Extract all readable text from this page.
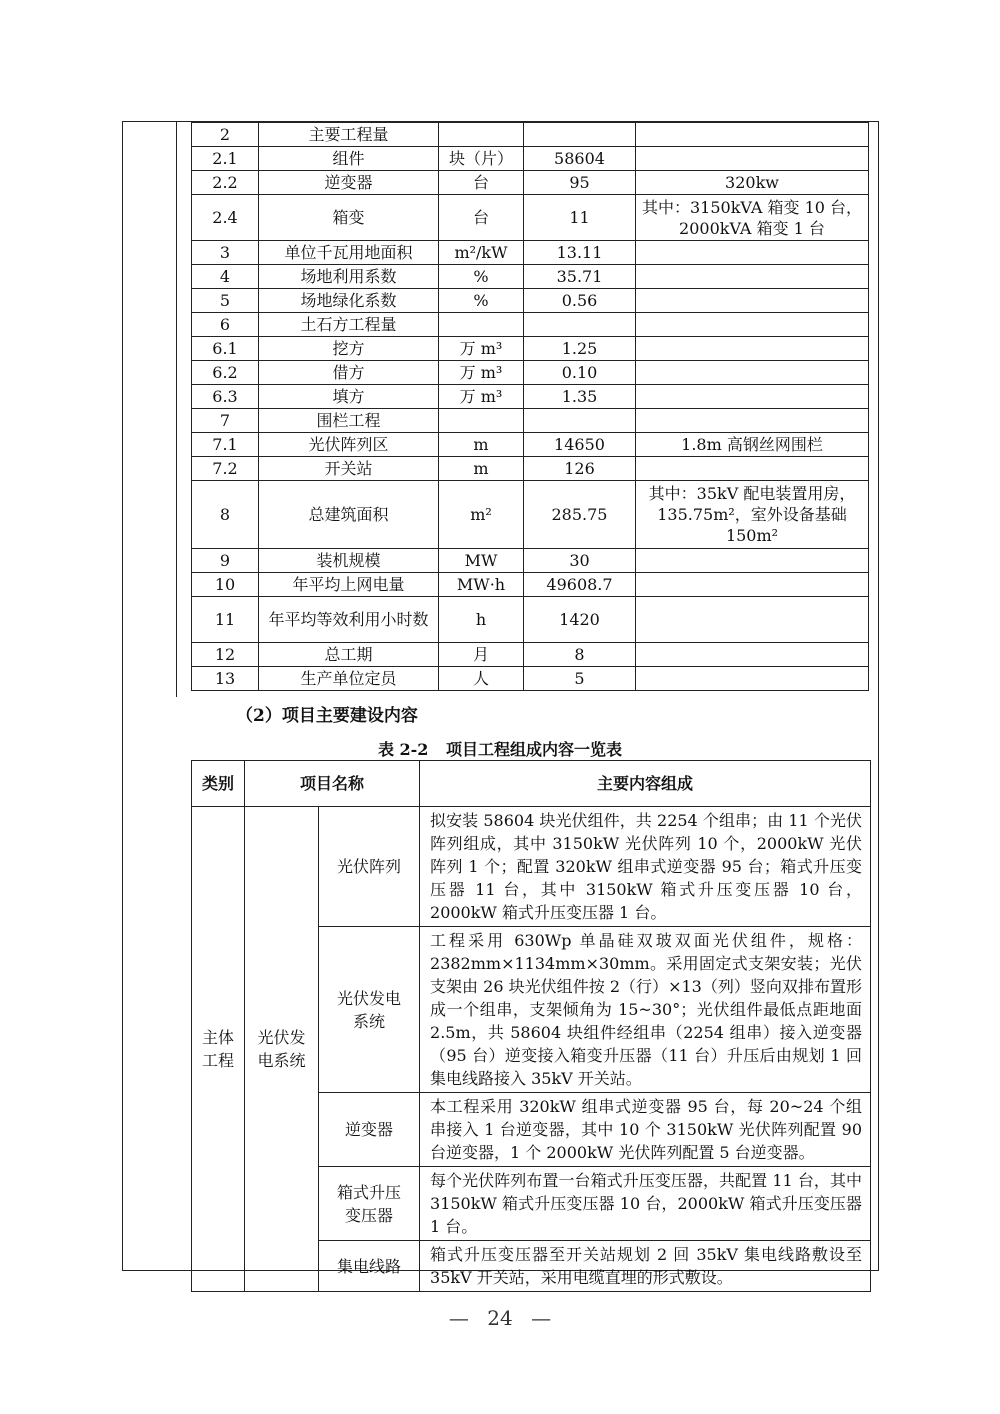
2	主要工程量			
2.1	组件	块（片）	58604	
2.2	逆变器	台	95	320kw
2.4	箱变	台	11	其中：3150kVA 箱变 10 台，2000kVA 箱变 1 台
3	单位千瓦用地面积	m²/kW	13.11	
4	场地利用系数	%	35.71	
5	场地绿化系数	%	0.56	
6	土石方工程量			
6.1	挖方	万 m³	1.25	
6.2	借方	万 m³	0.10	
6.3	填方	万 m³	1.35	
7	围栏工程			
7.1	光伏阵列区	m	14650	1.8m 高钢丝网围栏
7.2	开关站	m	126	
8	总建筑面积	m²	285.75	其中：35kV 配电装置用房，135.75m²，室外设备基础 150m²
9	装机规模	MW	30	
10	年平均上网电量	MW·h	49608.7	
11	年平均等效利用小时数	h	1420	
12	总工期	月	8	
13	生产单位定员	人	5	
（2）项目主要建设内容
表 2-2 项目工程组成内容一览表
类别	项目名称		主要内容组成
主体工程	光伏发电系统	光伏阵列	拟安装 58604 块光伏组件，共 2254 个组串；由 11 个光伏阵列组成，其中 3150kW 光伏阵列 10 个，2000kW 光伏阵列 1 个；配置 320kW 组串式逆变器 95 台；箱式升压变压器 11 台，其中 3150kW 箱式升压变压器 10 台，2000kW 箱式升压变压器 1 台。
		光伏发电系统	工程采用 630Wp 单晶硅双玻双面光伏组件，规格：2382mm×1134mm×30mm。采用固定式支架安装；光伏支架由 26 块光伏组件按 2（行）×13（列）竖向双排布置形成一个组串，支架倾角为 15~30°；光伏组件最低点距地面 2.5m，共 58604 块组件经组串（2254 组串）接入逆变器（95 台）逆变接入箱变升压器（11 台）升压后由规划 1 回集电线路接入 35kV 开关站。
		逆变器	本工程采用 320kW 组串式逆变器 95 台，每 20~24 个组串接入 1 台逆变器，其中 10 个 3150kW 光伏阵列配置 90 台逆变器，1 个 2000kW 光伏阵列配置 5 台逆变器。
		箱式升压变压器	每个光伏阵列布置一台箱式升压变压器，共配置 11 台，其中 3150kW 箱式升压变压器 10 台，2000kW 箱式升压变压器 1 台。
		集电线路	箱式升压变压器至开关站规划 2 回 35kV 集电线路敷设至 35kV 开关站，采用电缆直埋的形式敷设。
— 24 —
